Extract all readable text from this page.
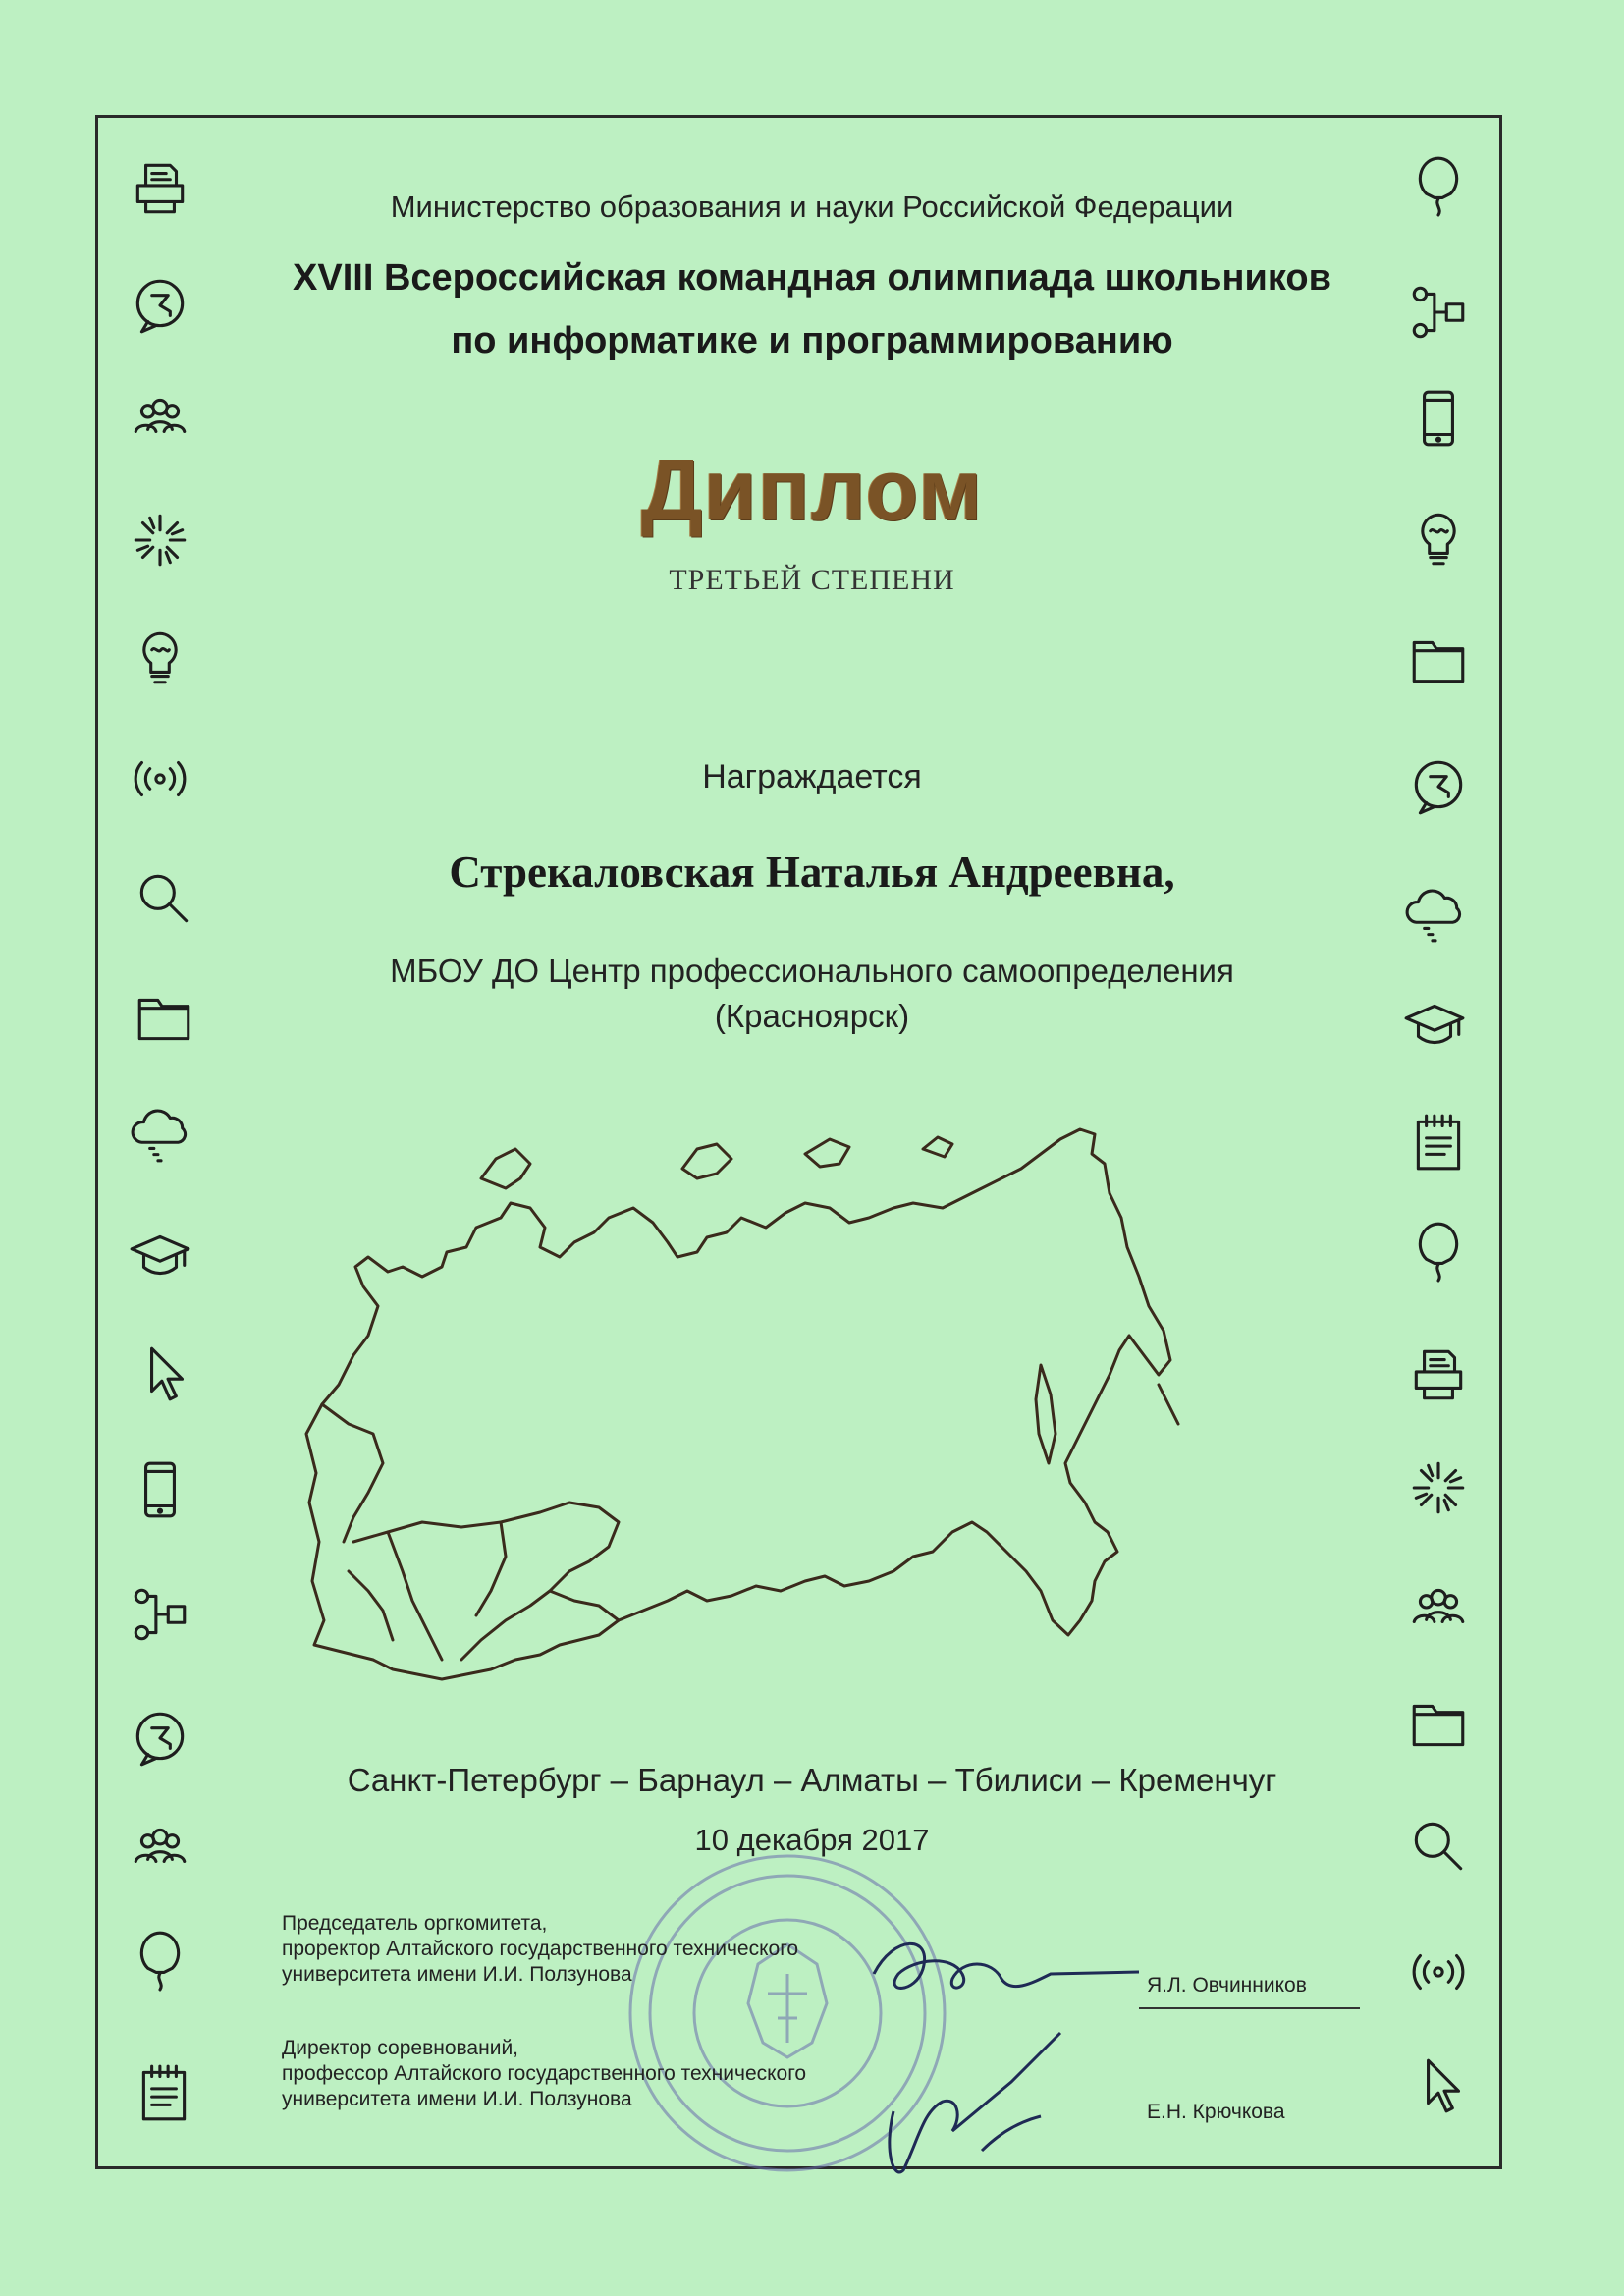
Министерство образования и науки Российской Федерации
XVIII Всероссийская командная олимпиада школьников
по информатике и программированию
Диплом
ТРЕТЬЕЙ СТЕПЕНИ
Награждается
Стрекаловская Наталья Андреевна,
МБОУ ДО Центр профессионального самоопределения
(Красноярск)
Санкт-Петербург – Барнаул – Алматы – Тбилиси – Кременчуг
10 декабря 2017
Председатель оргкомитета,
проректор Алтайского государственного технического
университета имени И.И. Ползунова	Я.Л. Овчинников
Директор соревнований,
профессор Алтайского государственного технического
университета имени И.И. Ползунова
Е.Н. Крючкова
